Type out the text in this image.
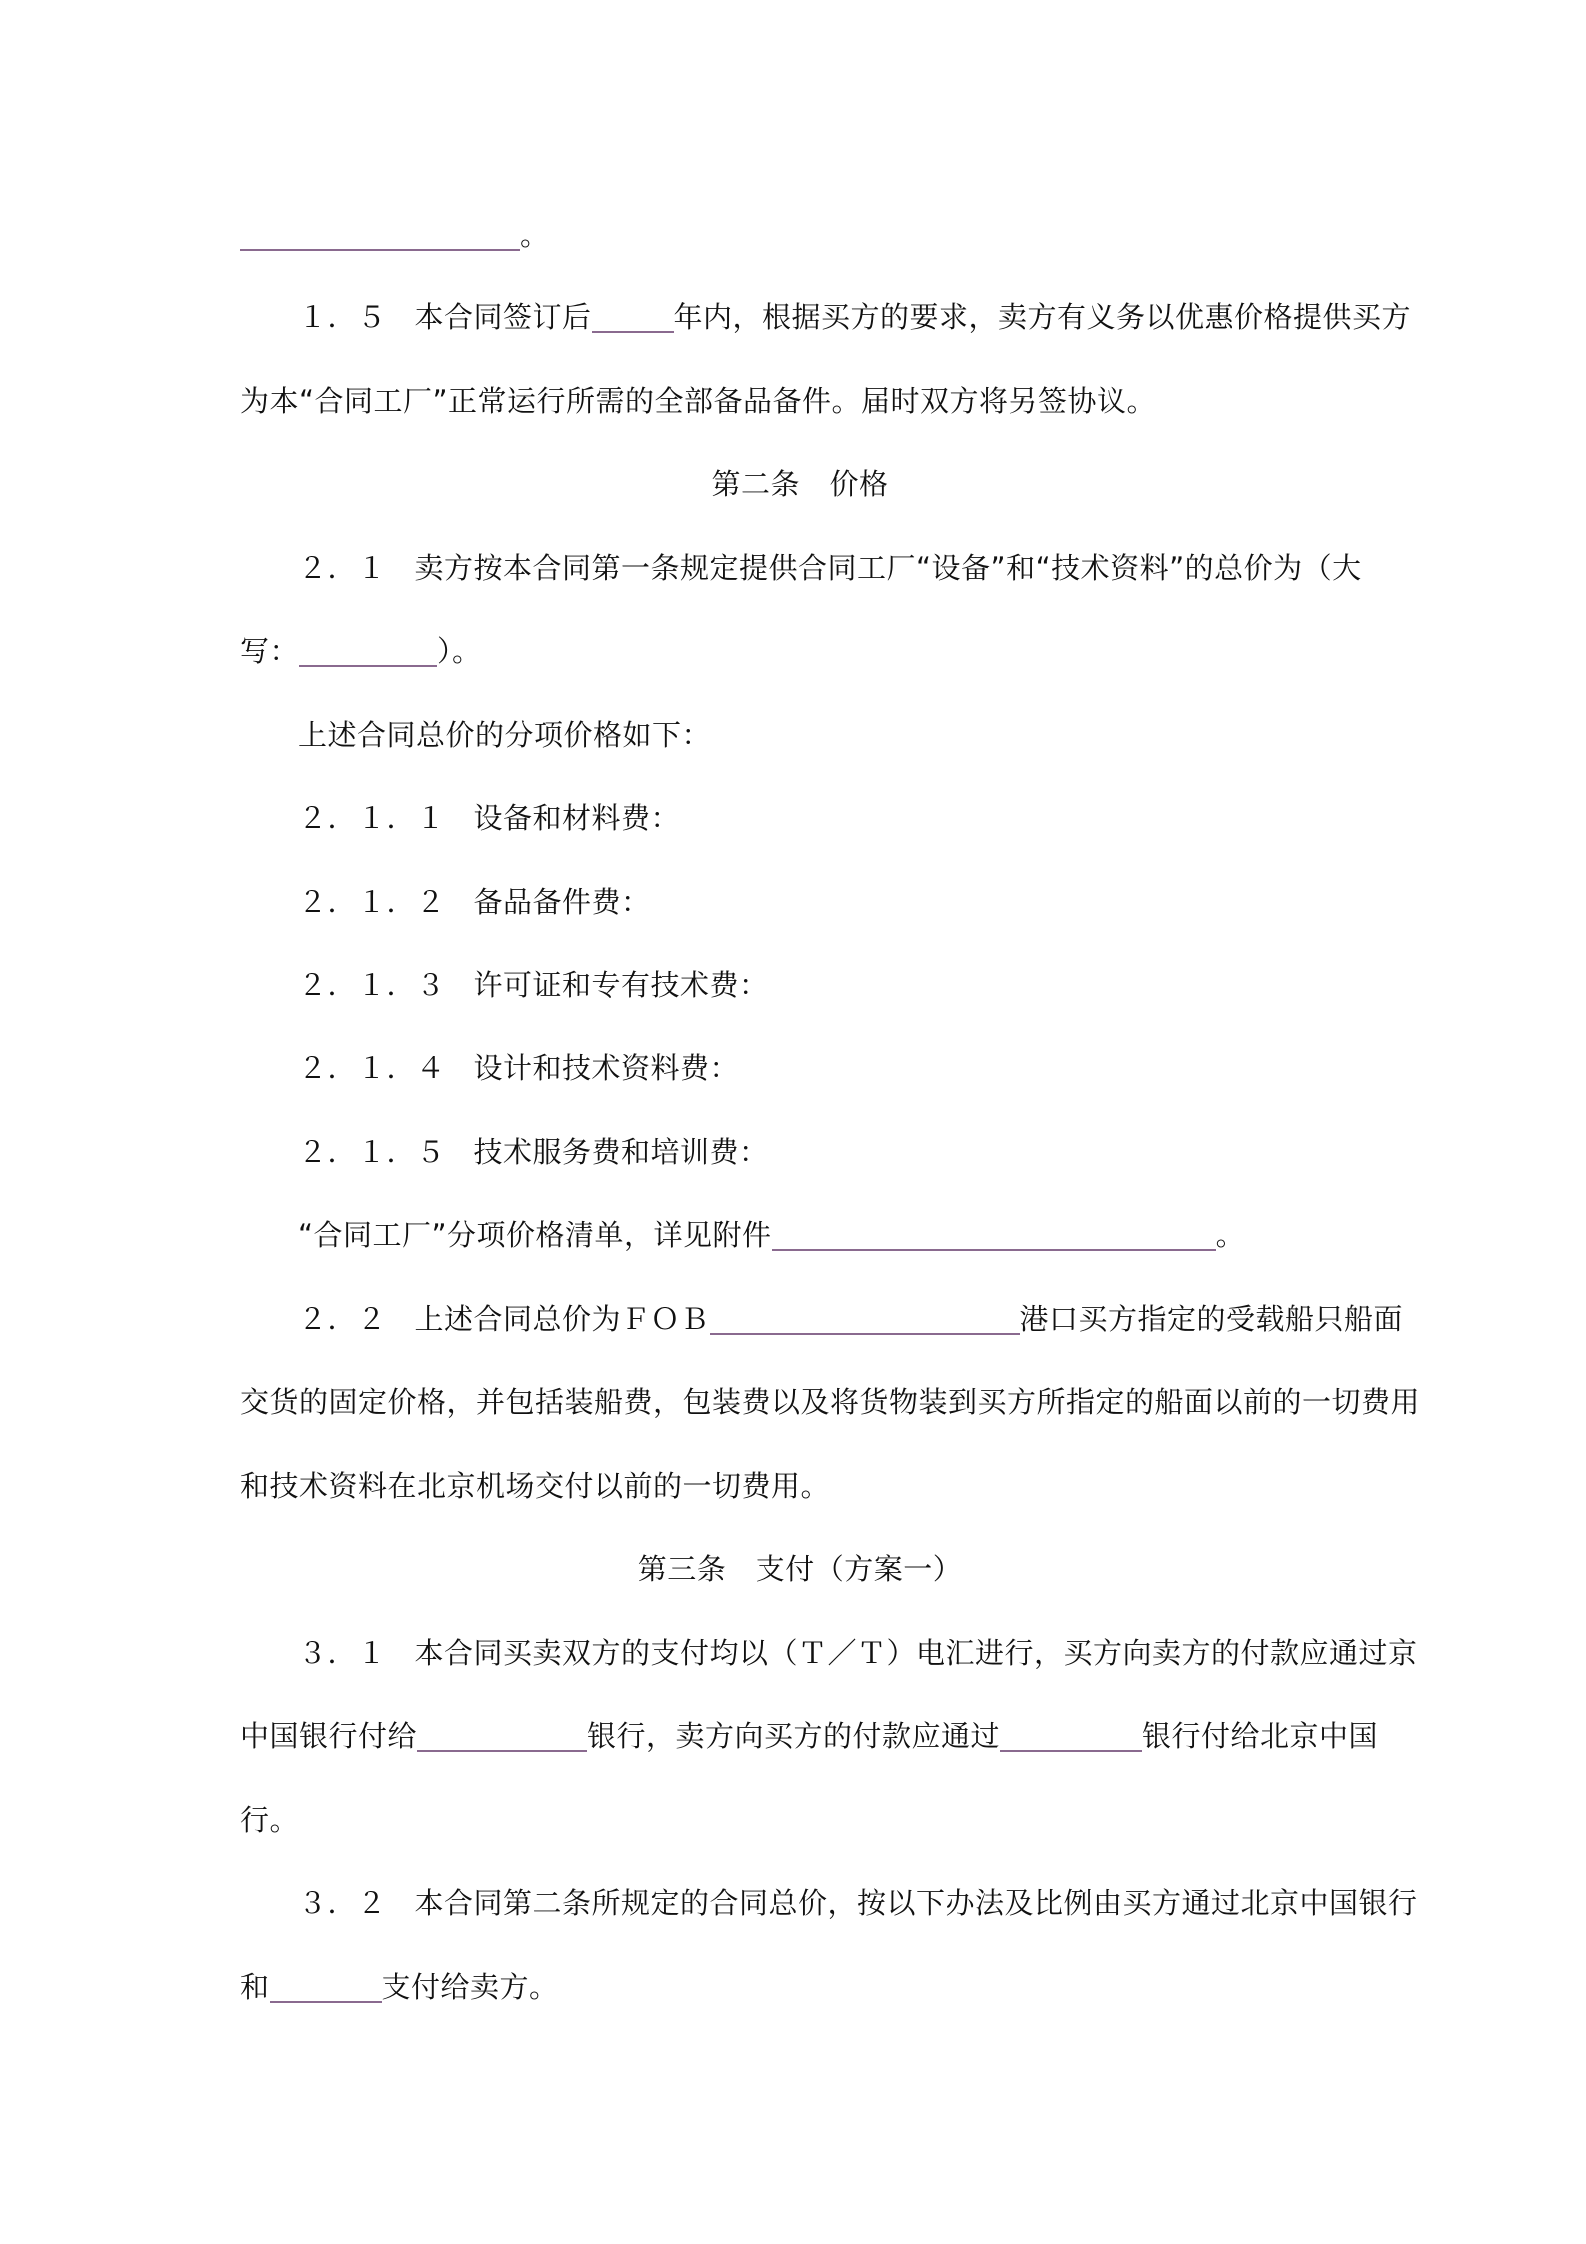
。
１．５ 本合同签订后	年内，根据买方的要求，卖方有义务以优惠价格提供买方
为本“合同工厂”正常运行所需的全部备品备件。届时双方将另签协议。
第二条　价格
２．１ 卖方按本合同第一条规定提供合同工厂“设备”和“技术资料”的总价为（大
写：	）。
上述合同总价的分项价格如下：
２．１．１ 设备和材料费：
２．１．２ 备品备件费：
２．１．３ 许可证和专有技术费：
２．１．４ 设计和技术资料费：
２．１．５ 技术服务费和培训费：
“合同工厂”分项价格清单，详见附件	。
２．２ 上述合同总价为ＦＯＢ	港口买方指定的受载船只船面
交货的固定价格，并包括装船费，包装费以及将货物装到买方所指定的船面以前的一切费用
和技术资料在北京机场交付以前的一切费用。
第三条　支付（方案一）
３．１ 本合同买卖双方的支付均以（Ｔ／Ｔ）电汇进行，买方向卖方的付款应通过京
中国银行付给	银行，卖方向买方的付款应通过	银行付给北京中国
行。
３．２ 本合同第二条所规定的合同总价，按以下办法及比例由买方通过北京中国银行
和	支付给卖方。
